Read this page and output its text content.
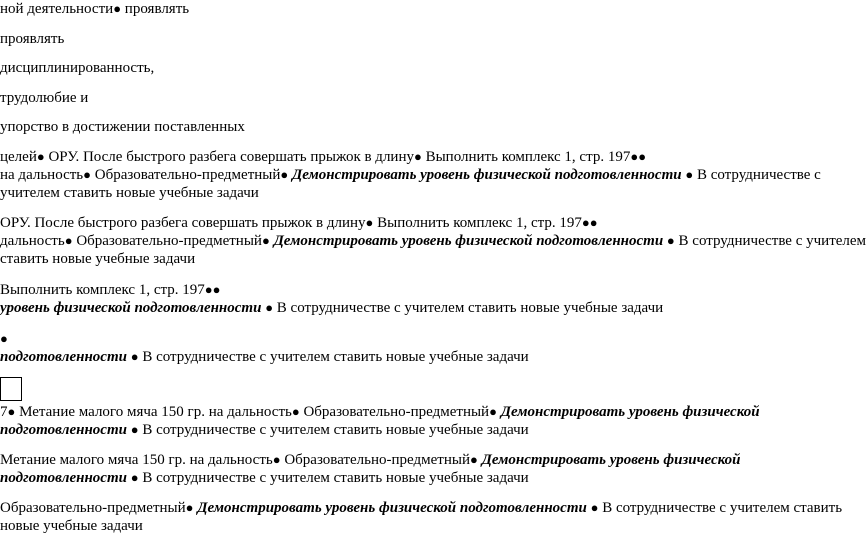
ной деятельности● проявлять
проявлять
дисциплинированность,
трудолюбие и
упорство в достижении поставленных
целей● ОРУ. После быстрого разбега совершать прыжок в длину● Выполнить комплекс 1, стр. 197●●
на дальность● Образовательно-предметный● Демонстрировать уровень физической подготовленности ● В сотрудничестве с
учителем ставить новые учебные задачи
ОРУ. После быстрого разбега совершать прыжок в длину● Выполнить комплекс 1, стр. 197●●
дальность● Образовательно-предметный● Демонстрировать уровень физической подготовленности ● В сотрудничестве с учителем
ставить новые учебные задачи
Выполнить комплекс 1, стр. 197●●
уровень физической подготовленности ● В сотрудничестве с учителем ставить новые учебные задачи
●
подготовленности ● В сотрудничестве с учителем ставить новые учебные задачи
7● Метание малого мяча 150 гр. на дальность● Образовательно-предметный● Демонстрировать уровень физической
подготовленности ● В сотрудничестве с учителем ставить новые учебные задачи
Метание малого мяча 150 гр. на дальность● Образовательно-предметный● Демонстрировать уровень физической
подготовленности ● В сотрудничестве с учителем ставить новые учебные задачи
Образовательно-предметный● Демонстрировать уровень физической подготовленности ● В сотрудничестве с учителем ставить
новые учебные задачи
